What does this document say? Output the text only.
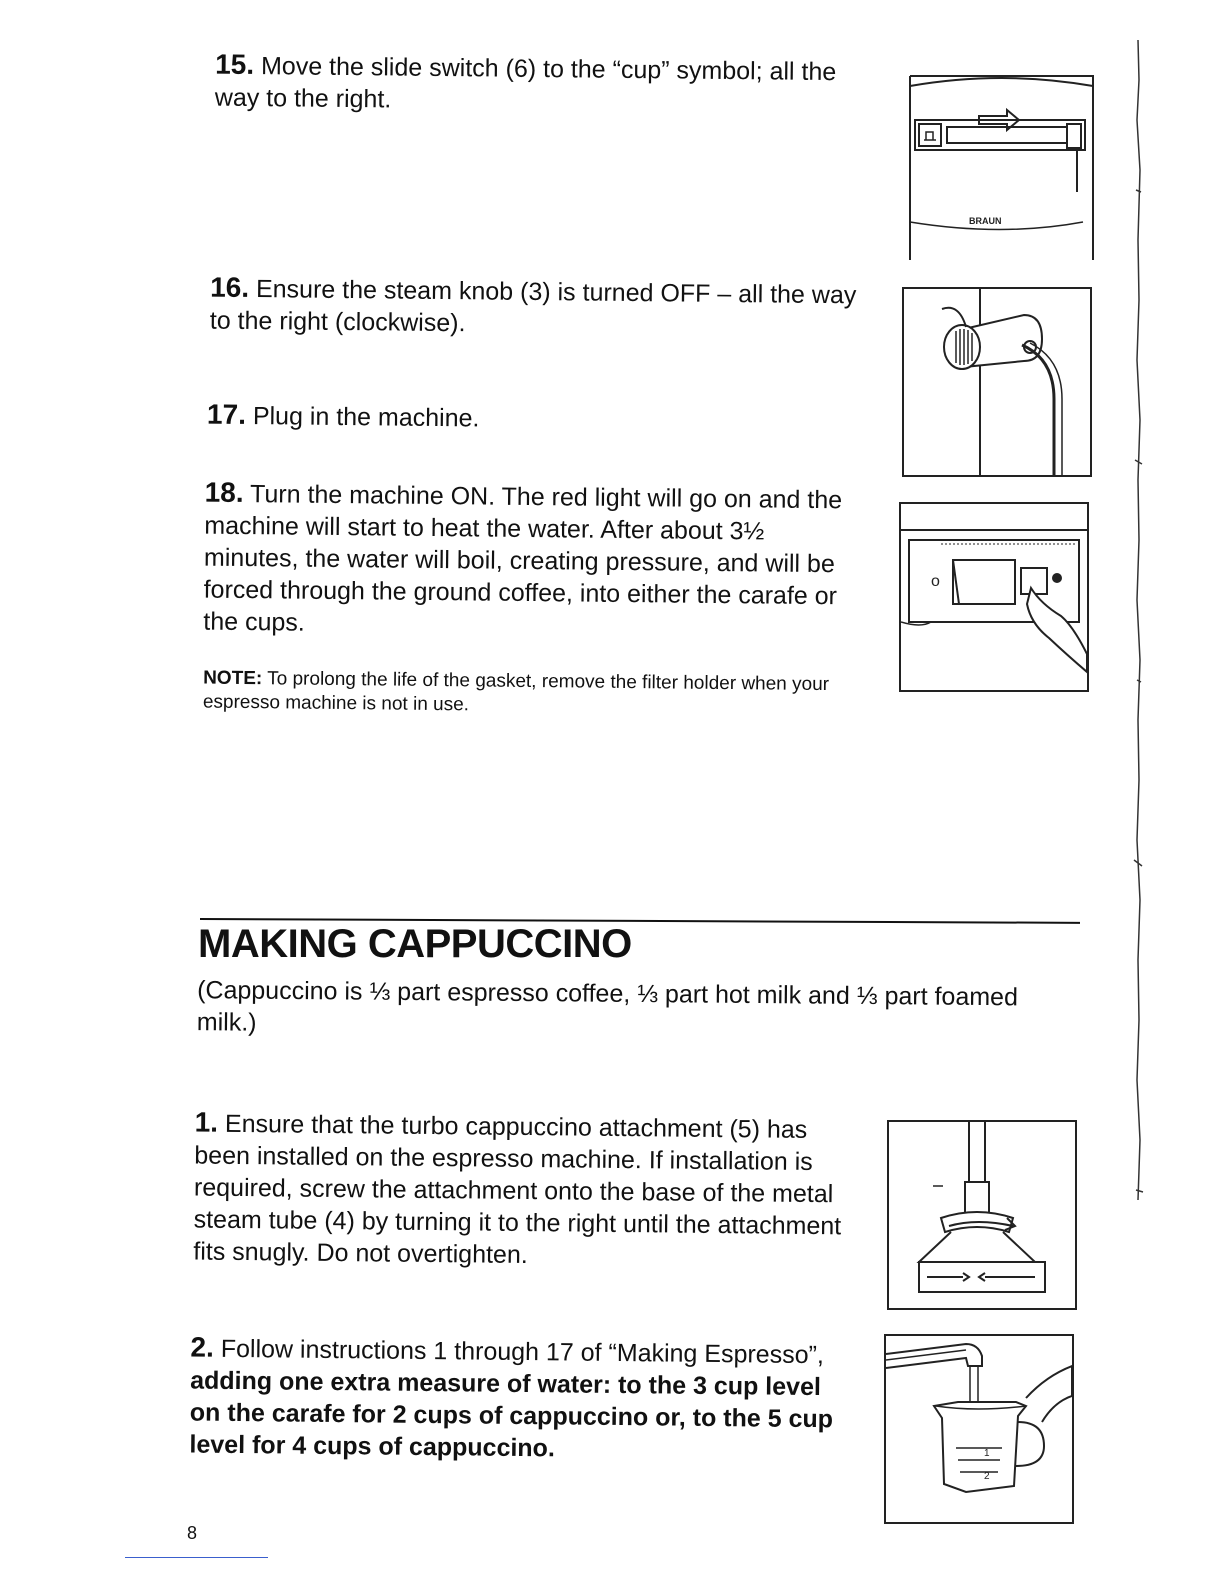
15. Move the slide switch (6) to the “cup” symbol; all the way to the right.
16. Ensure the steam knob (3) is turned OFF – all the way to the right (clockwise).
17. Plug in the machine.
18. Turn the machine ON. The red light will go on and the machine will start to heat the water. After about 3½ minutes, the water will boil, creating pressure, and will be forced through the ground coffee, into either the carafe or the cups.
NOTE: To prolong the life of the gasket, remove the filter holder when your espresso machine is not in use.
MAKING CAPPUCCINO
(Cappuccino is ⅓ part espresso coffee, ⅓ part hot milk and ⅓ part foamed milk.)
1. Ensure that the turbo cappuccino attachment (5) has been installed on the espresso machine. If installation is required, screw the attachment onto the base of the metal steam tube (4) by turning it to the right until the attachment fits snugly. Do not overtighten.
2. Follow instructions 1 through 17 of “Making Espresso”, adding one extra measure of water: to the 3 cup level on the carafe for 2 cups of cappuccino or, to the 5 cup level for 4 cups of cappuccino.
BRAUN
o
1
2
8
